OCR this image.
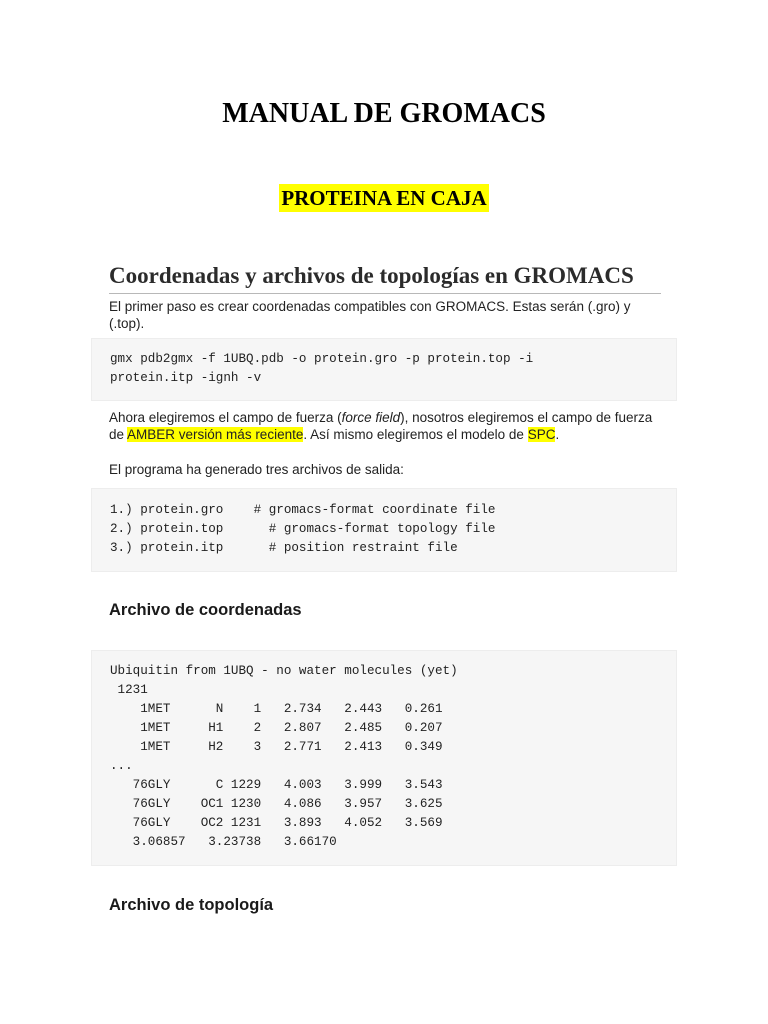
MANUAL DE GROMACS
PROTEINA EN CAJA
Coordenadas y archivos de topologías en GROMACS

El primer paso es crear coordenadas compatibles con GROMACS. Estas serán (.gro) y (.top).

gmx pdb2gmx -f 1UBQ.pdb -o protein.gro -p protein.top -i
protein.itp -ignh -v

Ahora elegiremos el campo de fuerza (force field), nosotros elegiremos el campo de fuerza de AMBER versión más reciente. Así mismo elegiremos el modelo de SPC.

El programa ha generado tres archivos de salida:

1.) protein.gro    # gromacs-format coordinate file
2.) protein.top      # gromacs-format topology file
3.) protein.itp      # position restraint file
Archivo de coordenadas
Ubiquitin from 1UBQ - no water molecules (yet)
1231
1MET      N    1   2.734   2.443   0.261
1MET     H1    2   2.807   2.485   0.207
1MET     H2    3   2.771   2.413   0.349
...
76GLY      C 1229   4.003   3.999   3.543
76GLY    OC1 1230   4.086   3.957   3.625
76GLY    OC2 1231   3.893   4.052   3.569
3.06857   3.23738   3.66170
Archivo de topología
